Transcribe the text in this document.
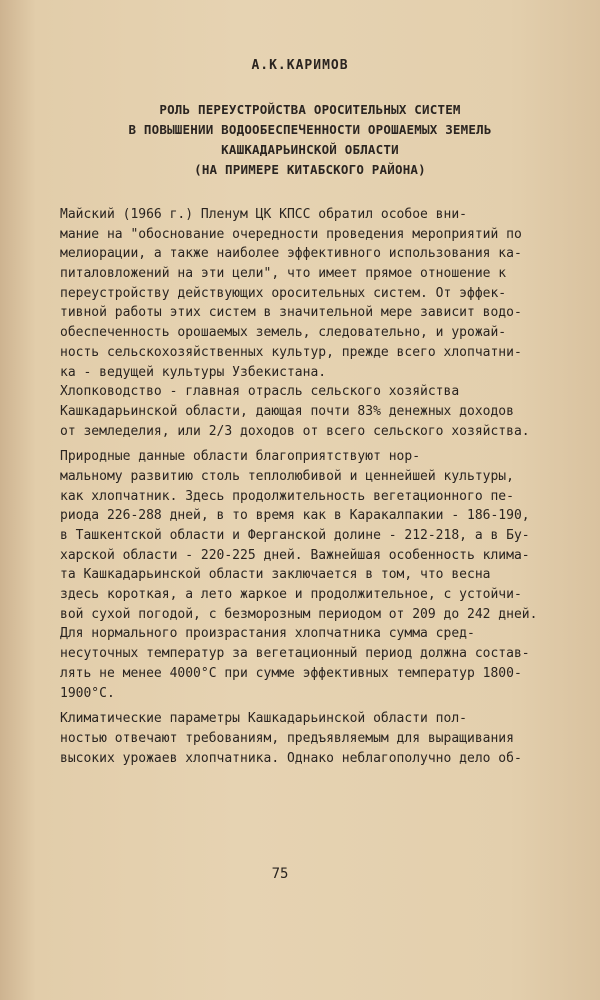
А.К.КАРИМОВ
РОЛЬ ПЕРЕУСТРОЙСТВА ОРОСИТЕЛЬНЫХ СИСТЕМ
В ПОВЫШЕНИИ ВОДООБЕСПЕЧЕННОСТИ ОРОШАЕМЫХ ЗЕМЕЛЬ
КАШКАДАРЬИНСКОЙ ОБЛАСТИ
(НА ПРИМЕРЕ КИТАБСКОГО РАЙОНА)
Майский (1966 г.) Пленум ЦК КПСС обратил особое вни-
мание на "обоснование очередности проведения мероприятий по
мелиорации, а также наиболее эффективного использования ка-
питаловложений на эти цели", что имеет прямое отношение к
переустройству действующих оросительных систем. От эффек-
тивной работы этих систем в значительной мере зависит водо-
обеспеченность орошаемых земель, следовательно, и урожай-
ность сельскохозяйственных культур, прежде всего хлопчатни-
ка - ведущей культуры Узбекистана.
Хлопководство - главная отрасль сельского хозяйства
Кашкадарьинской области, дающая почти 83% денежных доходов
от земледелия, или 2/3 доходов от всего сельского хозяйства.
Природные данные области благоприятствуют нор-
мальному развитию столь теплолюбивой и ценнейшей культуры,
как хлопчатник. Здесь продолжительность вегетационного пе-
риода 226-288 дней, в то время как в Каракалпакии - 186-190,
в Ташкентской области и Ферганской долине - 212-218, а в Бу-
харской области - 220-225 дней. Важнейшая особенность клима-
та Кашкадарьинской области заключается в том, что весна
здесь короткая, а лето жаркое и продолжительное, с устойчи-
вой сухой погодой, с безморозным периодом от 209 до 242 дней.
Для нормального произрастания хлопчатника сумма сред-
несуточных температур за вегетационный период должна состав-
лять не менее 4000°С при сумме эффективных температур 1800-
1900°С.
Климатические параметры Кашкадарьинской области пол-
ностью отвечают требованиям, предъявляемым для выращивания
высоких урожаев хлопчатника. Однако неблагополучно дело об-
75
